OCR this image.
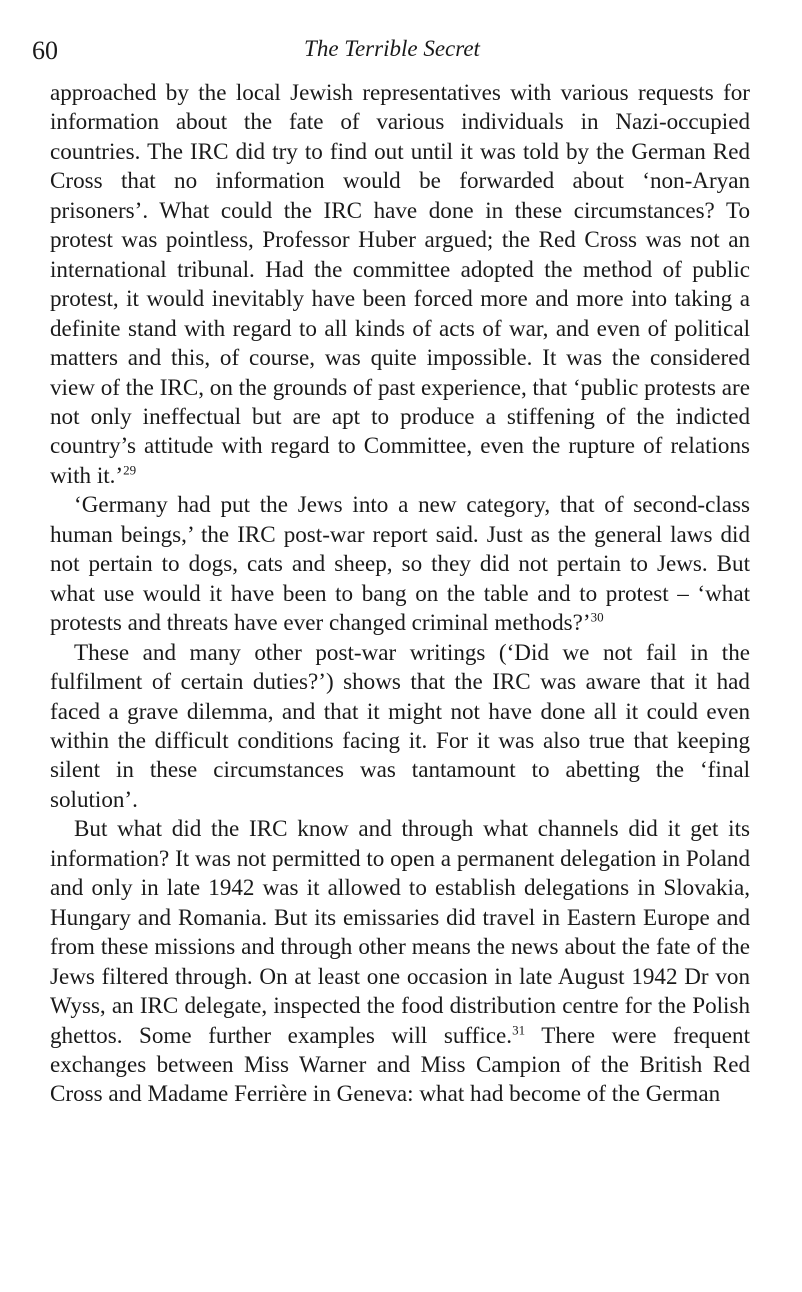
60	The Terrible Secret

approached by the local Jewish representatives with various requests for information about the fate of various individuals in Nazi-occupied countries. The IRC did try to find out until it was told by the German Red Cross that no information would be forwarded about ‘non-Aryan prisoners’. What could the IRC have done in these circumstances? To protest was pointless, Professor Huber argued; the Red Cross was not an international tribunal. Had the committee adopted the method of public protest, it would inevitably have been forced more and more into taking a definite stand with regard to all kinds of acts of war, and even of political matters and this, of course, was quite impossible. It was the considered view of the IRC, on the grounds of past experience, that ‘public protests are not only ineffectual but are apt to produce a stiffening of the indicted country’s attitude with regard to Committee, even the rupture of relations with it.’$^{29}$

‘Germany had put the Jews into a new category, that of second-class human beings,’ the IRC post-war report said. Just as the general laws did not pertain to dogs, cats and sheep, so they did not pertain to Jews. But what use would it have been to bang on the table and to protest – ‘what protests and threats have ever changed criminal methods?’$^{30}$

These and many other post-war writings (‘Did we not fail in the fulfilment of certain duties?’) shows that the IRC was aware that it had faced a grave dilemma, and that it might not have done all it could even within the difficult conditions facing it. For it was also true that keeping silent in these circumstances was tantamount to abetting the ‘final solution’.

But what did the IRC know and through what channels did it get its information? It was not permitted to open a permanent delegation in Poland and only in late 1942 was it allowed to establish delegations in Slovakia, Hungary and Romania. But its emissaries did travel in Eastern Europe and from these missions and through other means the news about the fate of the Jews filtered through. On at least one occasion in late August 1942 Dr von Wyss, an IRC delegate, inspected the food distribution centre for the Polish ghettos. Some further examples will suffice.$^{31}$ There were frequent exchanges between Miss Warner and Miss Campion of the British Red Cross and Madame Ferrière in Geneva: what had become of the German
